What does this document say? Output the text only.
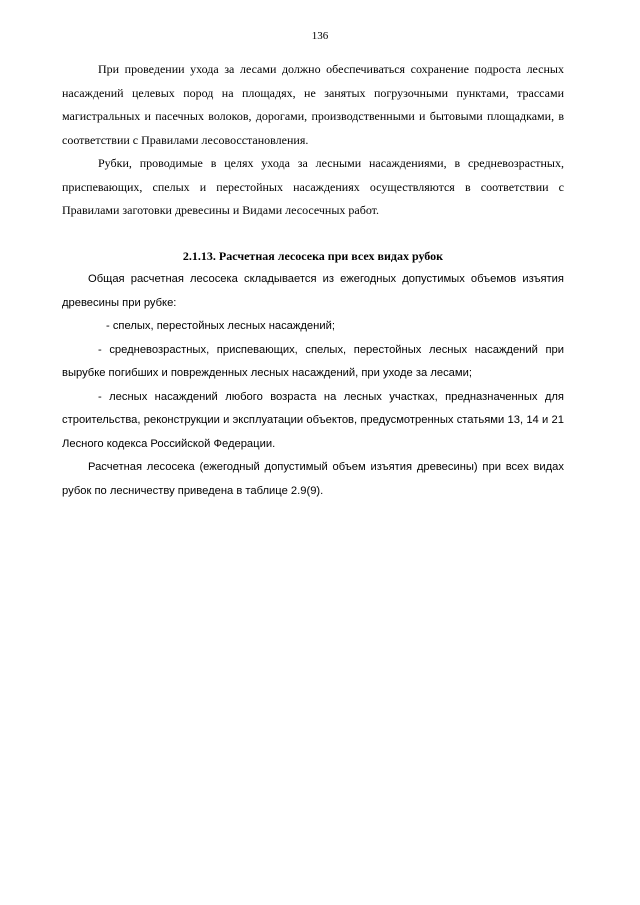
136

При проведении ухода за лесами должно обеспечиваться сохранение подроста лесных насаждений целевых пород на площадях, не занятых погрузочными пунктами, трассами магистральных и пасечных волоков, дорогами, производственными и бытовыми площадками, в соответствии с Правилами лесовосстановления.

Рубки, проводимые в целях ухода за лесными насаждениями, в средневозрастных, приспевающих, спелых и перестойных насаждениях осуществляются в соответствии с Правилами заготовки древесины и Видами лесосечных работ.

2.1.13. Расчетная лесосека при всех видах рубок

Общая расчетная лесосека складывается из ежегодных допустимых объемов изъятия древесины при рубке:

- спелых, перестойных лесных насаждений;

- средневозрастных, приспевающих, спелых, перестойных лесных насаждений при вырубке погибших и поврежденных лесных насаждений, при уходе за лесами;

- лесных насаждений любого возраста на лесных участках, предназначенных для строительства, реконструкции и эксплуатации объектов, предусмотренных статьями 13, 14 и 21 Лесного кодекса Российской Федерации.

Расчетная лесосека (ежегодный допустимый объем изъятия древесины) при всех видах рубок по лесничеству приведена в таблице 2.9(9).
